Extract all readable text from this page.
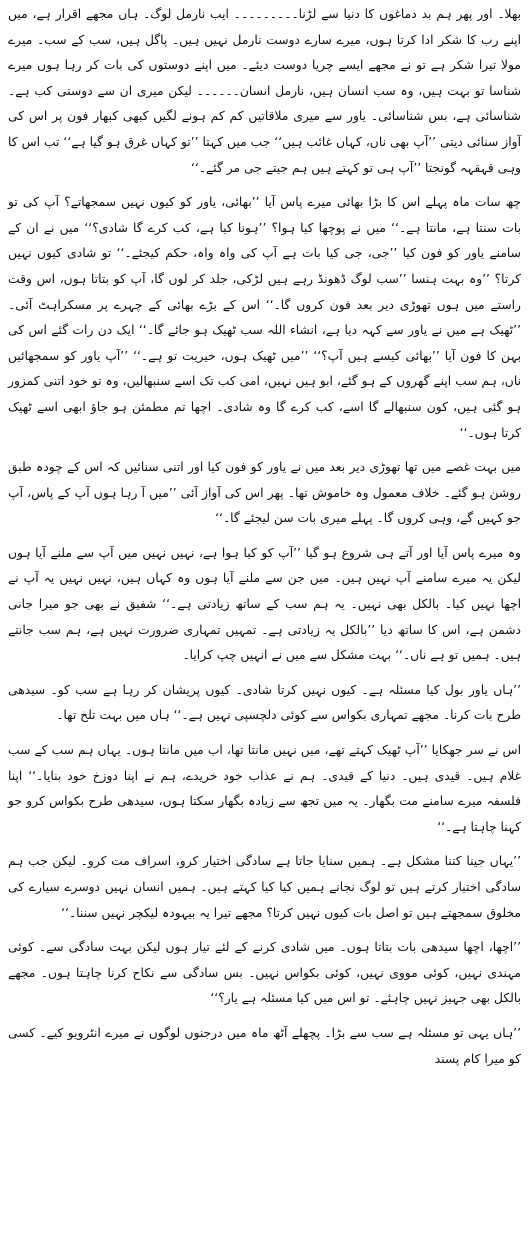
بھلا۔ اور پھر ہم بد دماغوں کا دنیا سے لڑنا۔۔۔۔۔۔۔۔۔ ایب نارمل لوگ۔ ہاں مجھے اقرار ہے، میں اپنے رب کا شکر ادا کرتا ہوں، میرے سارے دوست نارمل نہیں ہیں۔ پاگل ہیں، سب کے سب۔ میرے مولا تیرا شکر ہے تو نے مجھے ایسے چریا دوست دیئے۔ میں اپنے دوستوں کی بات کر رہا ہوں میرے شناسا تو بہت ہیں، وہ سب انسان ہیں، نارمل انسان۔۔۔۔۔۔ لیکن میری ان سے دوستی کب ہے۔ شناسائی ہے، بس شناسائی۔ یاور سے میری ملاقاتیں کم کم ہونے لگیں کبھی کبھار فون پر اس کی آواز سنائی دیتی ’’آپ بھی ناں، کہاں غائب ہیں‘‘ جب میں کہتا ’’تو کہاں غرق ہو گیا ہے‘‘ تب اس کا وہی قہقہہ گونجتا ’’آپ ہی تو کہتے ہیں ہم جیتے جی مر گئے۔‘‘

چھ سات ماہ پہلے اس کا بڑا بھائی میرے پاس آیا ’’بھائی، یاور کو کیوں نہیں سمجھاتے؟ آپ کی تو بات سنتا ہے، مانتا ہے۔‘‘ میں نے پوچھا کیا ہوا؟ ’’ہونا کیا ہے، کب کرے گا شادی؟‘‘ میں نے ان کے سامنے یاور کو فون کیا ’’جی، جی کیا بات ہے آپ کی واہ واہ، حکم کیجئے۔‘‘ تو شادی کیوں نہیں کرتا؟ ’’وہ بہت ہنسا ’’سب لوگ ڈھونڈ رہے ہیں لڑکی، جلد کر لوں گا، آپ کو بتاتا ہوں، اس وقت راستے میں ہوں تھوڑی دیر بعد فون کروں گا۔‘‘ اس کے بڑے بھائی کے چہرے پر مسکراہٹ آئی۔ ’’ٹھیک ہے میں نے یاور سے کہہ دیا ہے، انشاء اللہ سب ٹھیک ہو جائے گا۔‘‘ ایک دن رات گئے اس کی بہن کا فون آیا ’’بھائی کیسے ہیں آپ؟‘‘ ’’میں ٹھیک ہوں، خیریت تو ہے۔‘‘ ’’آپ یاور کو سمجھائیں ناں، ہم سب اپنے گھروں کے ہو گئے، ابو ہیں نہیں، امی کب تک اسے سنبھالیں، وہ تو خود اتنی کمزور ہو گئی ہیں، کون سنبھالے گا اسے، کب کرے گا وہ شادی۔ اچھا تم مطمئن ہو جاؤ ابھی اسے ٹھیک کرتا ہوں۔‘‘

میں بہت غصے میں تھا تھوڑی دیر بعد میں نے یاور کو فون کیا اور اتنی سنائیں کہ اس کے چودہ طبق روشن ہو گئے۔ خلاف معمول وہ خاموش تھا۔ پھر اس کی آواز آئی ’’میں آ رہا ہوں آپ کے پاس، آپ جو کہیں گے، وہی کروں گا۔ پہلے میری بات سن لیجئے گا۔‘‘

وہ میرے پاس آیا اور آتے ہی شروع ہو گیا ’’آپ کو کیا ہوا ہے، نہیں نہیں میں آپ سے ملنے آیا ہوں لیکن یہ میرے سامنے آپ نہیں ہیں۔ میں جن سے ملنے آیا ہوں وہ کہاں ہیں، نہیں نہیں یہ آپ نے اچھا نہیں کیا۔ بالکل بھی نہیں۔ یہ ہم سب کے ساتھ زیادتی ہے۔‘‘ شفیق نے بھی جو میرا جانی دشمن ہے، اس کا ساتھ دیا ’’بالکل یہ زیادتی ہے۔ تمہیں تمہاری ضرورت نہیں ہے، ہم سب جانتے ہیں۔ ہمیں تو ہے ناں۔‘‘ بہت مشکل سے میں نے انہیں چپ کرایا۔

’’ہاں یاور بول کیا مسئلہ ہے۔ کیوں نہیں کرتا شادی۔ کیوں پریشان کر رہا ہے سب کو۔ سیدھی طرح بات کرنا۔ مجھے تمہاری بکواس سے کوئی دلچسپی نہیں ہے۔‘‘ ہاں میں بہت تلخ تھا۔

اس نے سر جھکایا ’’آپ ٹھیک کہتے تھے، میں نہیں مانتا تھا، اب میں مانتا ہوں۔ یہاں ہم سب کے سب غلام ہیں۔ قیدی ہیں۔ دنیا کے قیدی۔ ہم نے عذاب خود خریدے، ہم نے اپنا دوزخ خود بنایا۔‘‘ اپنا فلسفہ میرے سامنے مت بگھار۔ یہ میں تجھ سے زیادہ بگھار سکتا ہوں، سیدھی طرح بکواس کرو جو کہنا چاہتا ہے۔‘‘

’’یہاں جینا کتنا مشکل ہے۔ ہمیں سنایا جاتا ہے سادگی اختیار کرو، اسراف مت کرو۔ لیکن جب ہم سادگی اختیار کرتے ہیں تو لوگ نجانے ہمیں کیا کیا کہتے ہیں۔ ہمیں انسان نہیں دوسرے سیارے کی مخلوق سمجھتے ہیں تو اصل بات کیوں نہیں کرتا؟ مجھے تیرا یہ بیہودہ لیکچر نہیں سننا۔‘‘

’’اچھا، اچھا سیدھی بات بتاتا ہوں۔ میں شادی کرنے کے لئے تیار ہوں لیکن بہت سادگی سے۔ کوئی مہندی نہیں، کوئی مووی نہیں، کوئی بکواس نہیں۔ بس سادگی سے نکاح کرنا چاہتا ہوں۔ مجھے بالکل بھی جہیز نہیں چاہئے۔ تو اس میں کیا مسئلہ ہے یار؟‘‘

’’ہاں یہی تو مسئلہ ہے سب سے بڑا۔ پچھلے آٹھ ماہ میں درجنوں لوگوں نے میرے انٹرویو کیے۔ کسی کو میرا کام پسند
